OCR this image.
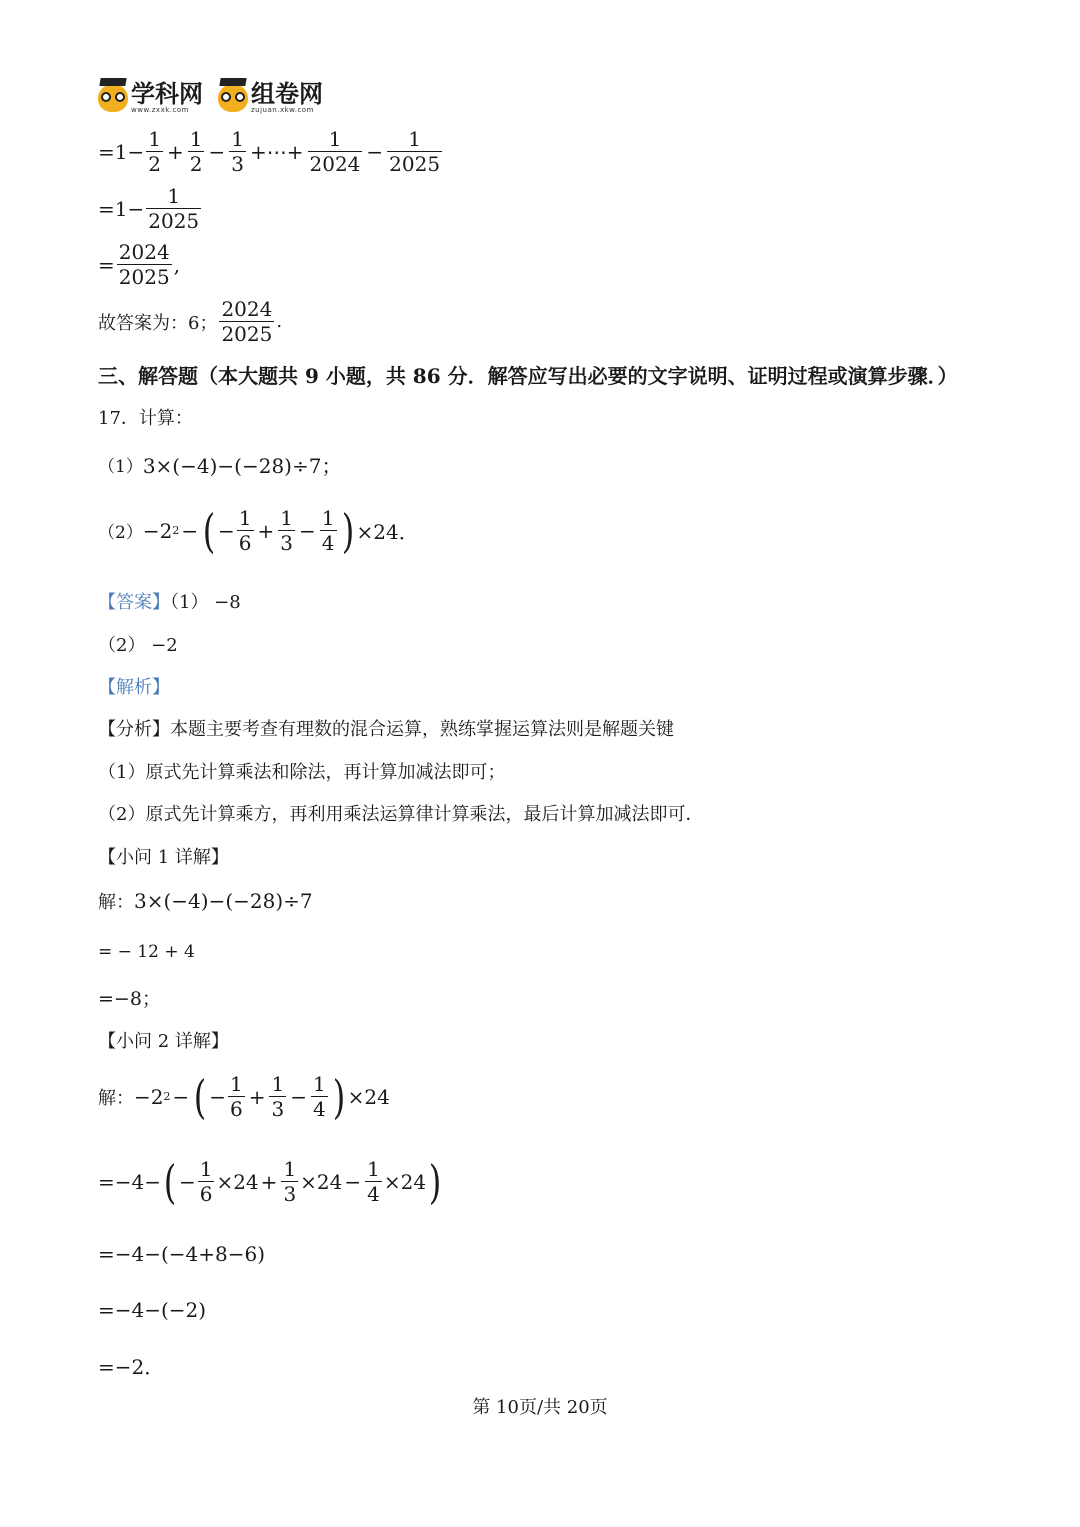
学科网
www.zxxk.com
组卷网
zujuan.xkw.com
$=1- \frac{1}{2} + \frac{1}{2} - \frac{1}{3}$ +⋯+ $\frac{1}{2024} - \frac{1}{2025}$
$=1- \frac{1}{2025}$
= $\frac{2024}{2025}$ ,
故答案为：6； $\frac{2024}{2025}$ .
三、解答题（本大题共 9 小题，共 86 分．解答应写出必要的文字说明、证明过程或演算步骤．）
17．计算：
（1） 3×(−4)−(−28)÷7；
（2） −2 2 − ( − $\frac{1}{6} + \frac{1}{3} - \frac{1}{4}$ ) ×24．
【答案】（1） −8
（2） −2
【解析】
【分析】本题主要考查有理数的混合运算，熟练掌握运算法则是解题关键
（1）原式先计算乘法和除法，再计算加减法即可；
（2）原式先计算乘方，再利用乘法运算律计算乘法，最后计算加减法即可．
【小问 1 详解】
解： 3×(−4)−(−28)÷7
= − 12 + 4
=−8；
【小问 2 详解】
解： −2 2 − ( − $\frac{1}{6} + \frac{1}{3} - \frac{1}{4}$ ) ×24
=−4− ( − $\frac{1}{6} \times 24 + \frac{1}{3} \times 24 - \frac{1}{4} \times 24$ )
=−4−(−4+8−6)
=−4−(−2)
=−2．
第 10页/共 20页
